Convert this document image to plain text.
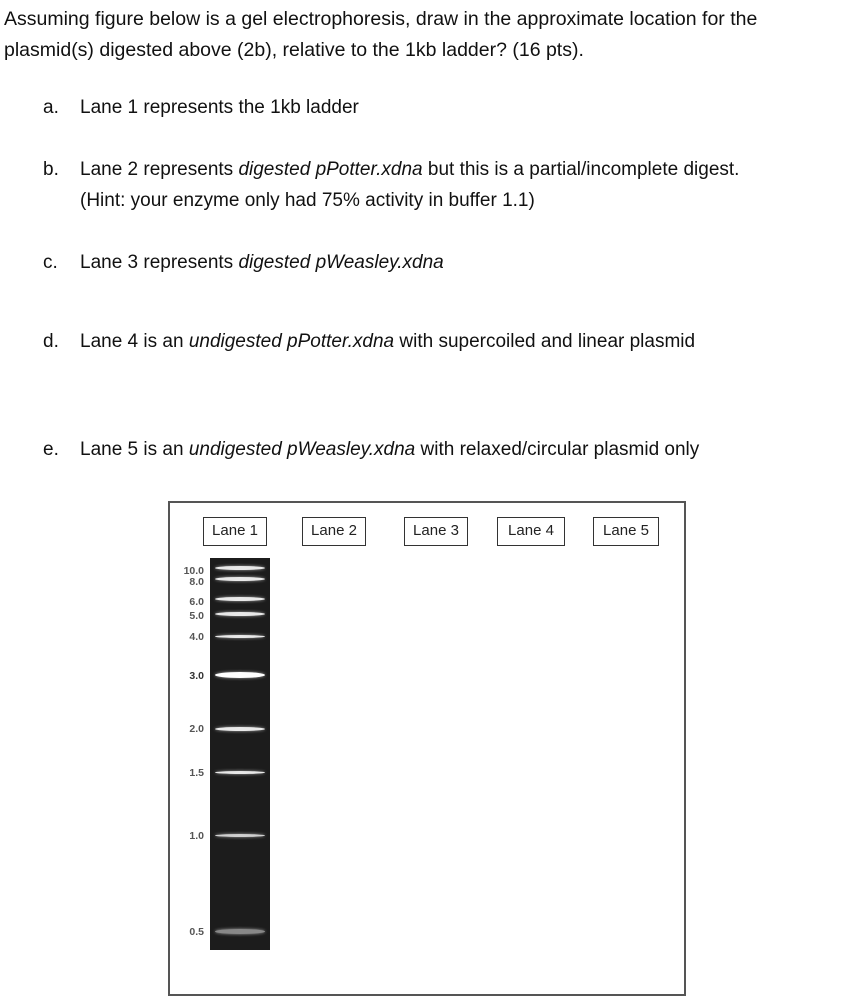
Assuming figure below is a gel electrophoresis, draw in the approximate location for the
plasmid(s) digested above (2b), relative to the 1kb ladder? (16 pts).
a. Lane 1 represents the 1kb ladder
b. Lane 2 represents digested pPotter.xdna but this is a partial/incomplete digest.
(Hint: your enzyme only had 75% activity in buffer 1.1)
c. Lane 3 represents digested pWeasley.xdna
d. Lane 4 is an undigested pPotter.xdna with supercoiled and linear plasmid
e. Lane 5 is an undigested pWeasley.xdna with relaxed/circular plasmid only
Lane 1	Lane 2	Lane 3	Lane 4	Lane 5
10.0
8.0
6.0
5.0
4.0
3.0
2.0
1.5
1.0
0.5
